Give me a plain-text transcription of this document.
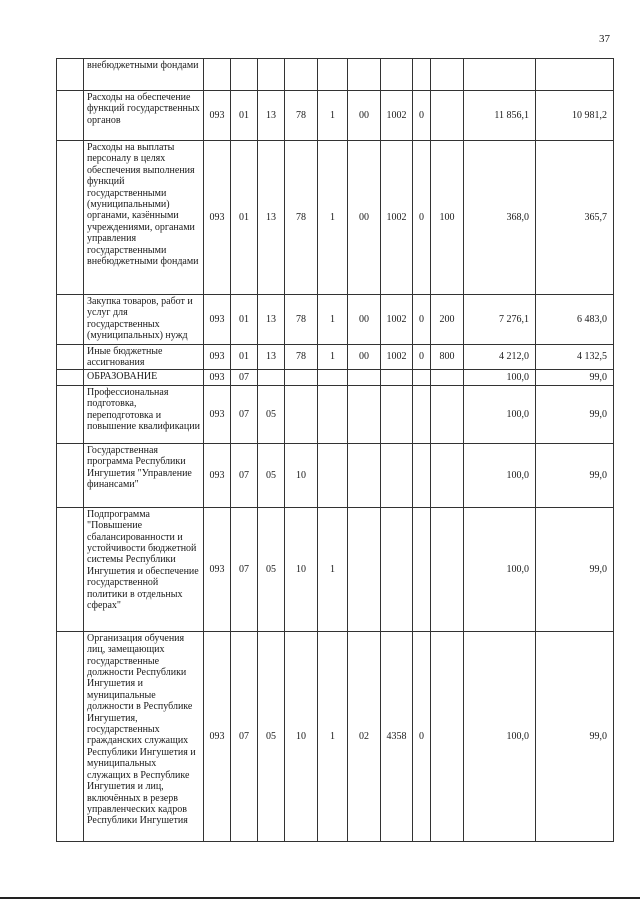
37
	внебюджетными фондами											
	Расходы на обеспечение функций государственных органов	093	01	13	78	1	00	1002	0		11 856,1	10 981,2
	Расходы на выплаты персоналу в целях обеспечения выполнения функций государственными (муниципальными) органами, казёнными учреждениями, органами управления государственными внебюджетными фондами	093	01	13	78	1	00	1002	0	100	368,0	365,7
	Закупка товаров, работ и услуг для государственных (муниципальных) нужд	093	01	13	78	1	00	1002	0	200	7 276,1	6 483,0
	Иные бюджетные ассигнования	093	01	13	78	1	00	1002	0	800	4 212,0	4 132,5
	ОБРАЗОВАНИЕ	093	07								100,0	99,0
	Профессиональная подготовка, переподготовка и повышение квалификации	093	07	05							100,0	99,0
	Государственная программа Республики Ингушетия "Управление финансами"	093	07	05	10						100,0	99,0
	Подпрограмма "Повышение сбалансированности и устойчивости бюджетной системы Республики Ингушетия и обеспечение государственной политики в отдельных сферах"	093	07	05	10	1					100,0	99,0
	Организация обучения лиц, замещающих государственные должности Республики Ингушетия и муниципальные должности в Республике Ингушетия, государственных гражданских служащих Республики Ингушетия и муниципальных служащих в Республике Ингушетия и лиц, включённых в резерв управленческих кадров Республики Ингушетия	093	07	05	10	1	02	4358	0		100,0	99,0
